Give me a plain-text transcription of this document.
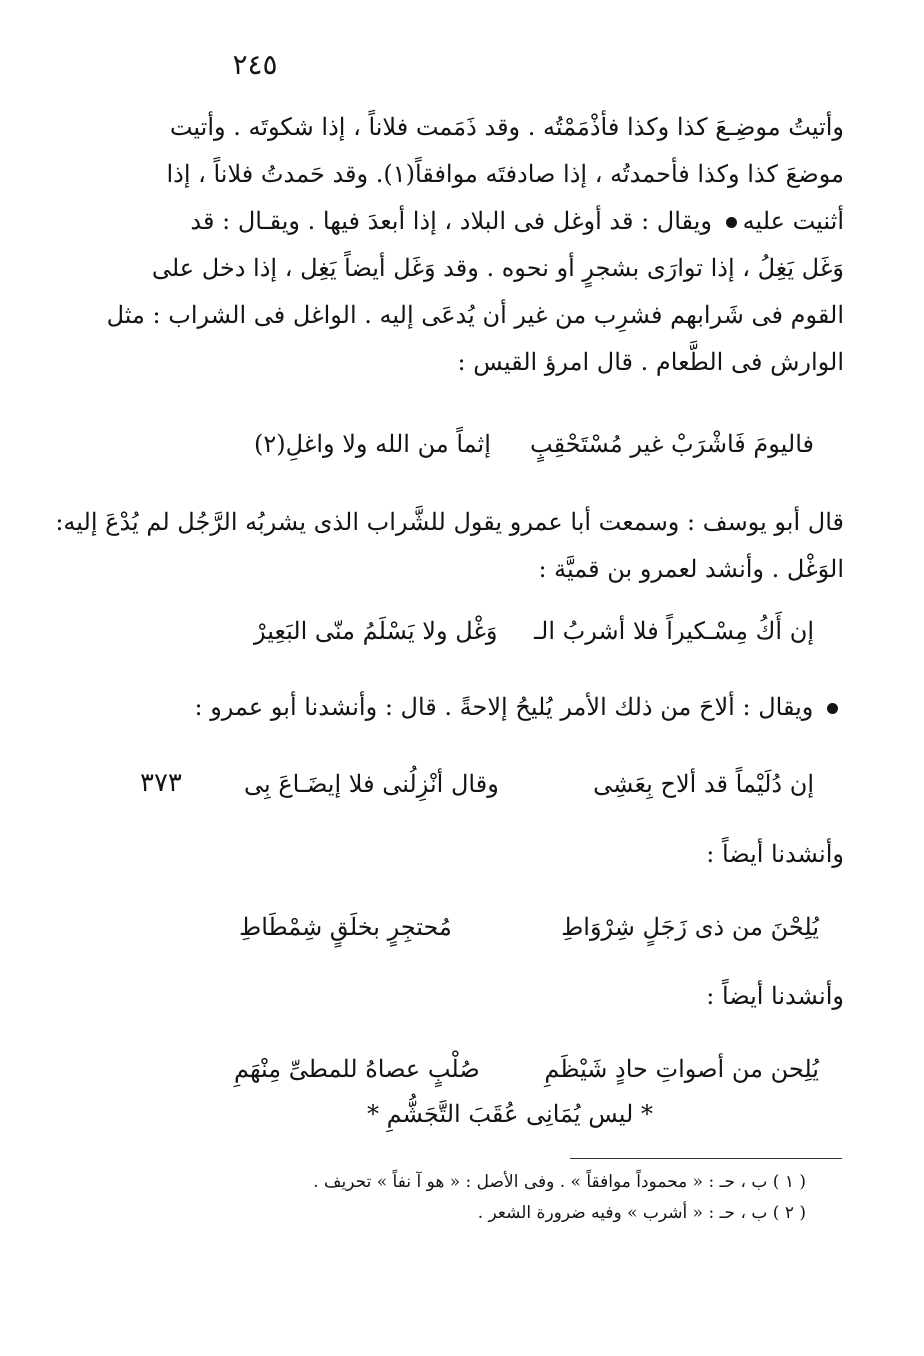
٢٤٥
وأتيتُ موضِـعَ كذا وكذا فأذْمَمْتُه . وقد ذَمَمت فلاناً ، إذا شكوتَه . وأتيت
موضعَ كذا وكذا فأحمدتُه ، إذا صادفتَه موافقاً(١). وقد حَمدتُ فلاناً ، إذا
أثنيت عليه
ويقال : قد أوغل فى البلاد ، إذا أبعدَ فيها . ويقـال : قد
وَغَل يَغِلُ ، إذا توارَى بشجرٍ أو نحوه . وقد وَغَل أيضاً يَغِل ، إذا دخل على
القوم فى شَرابهم فشرِب من غير أن يُدعَى إليه . الواغل فى الشراب : مثل
الوارش فى الطَّعام . قال امرؤ القيس :
فاليومَ فَاشْرَبْ غير مُسْتَحْقِبٍ
إثماً من الله ولا واغلِ(٢)
قال أبو يوسف : وسمعت أبا عمرو يقول للشَّراب الذى يشربُه الرَّجُل لم يُدْعَ إليه:
الوَغْل . وأنشد لعمرو بن قميَّة :
إن أَكُ مِسْـكيراً فلا أشربُ الـ
وَغْل ولا يَسْلَمُ منّى البَعِيرْ
ويقال : ألاحَ من ذلك الأمر يُليحُ إلاحةً . قال : وأنشدنا أبو عمرو :
إن دُلَيْماً قد ألاح بِعَشِى
وقال أنْزِلُنى فلا إيضَـاعَ بِى
٣٧٣
وأنشدنا أيضاً :
يُلِحْنَ من ذى زَجَلٍ شِرْوَاطِ
مُحتجِرٍ بخلَقٍ شِمْطَاطِ
وأنشدنا أيضاً :
يُلِحن من أصواتِ حادٍ شَيْظَمِ
صُلْبٍ عصاهُ للمطىِّ مِنْهَمِ
* ليس يُمَانِى عُقَبَ التَّجَشُّمِ *
( ١ ) ب ، حـ : « محموداً موافقاً » . وفى الأصل : « هو آ نفاً » تحريف .
( ٢ ) ب ، حـ : « أشرب » وفيه ضرورة الشعر .
